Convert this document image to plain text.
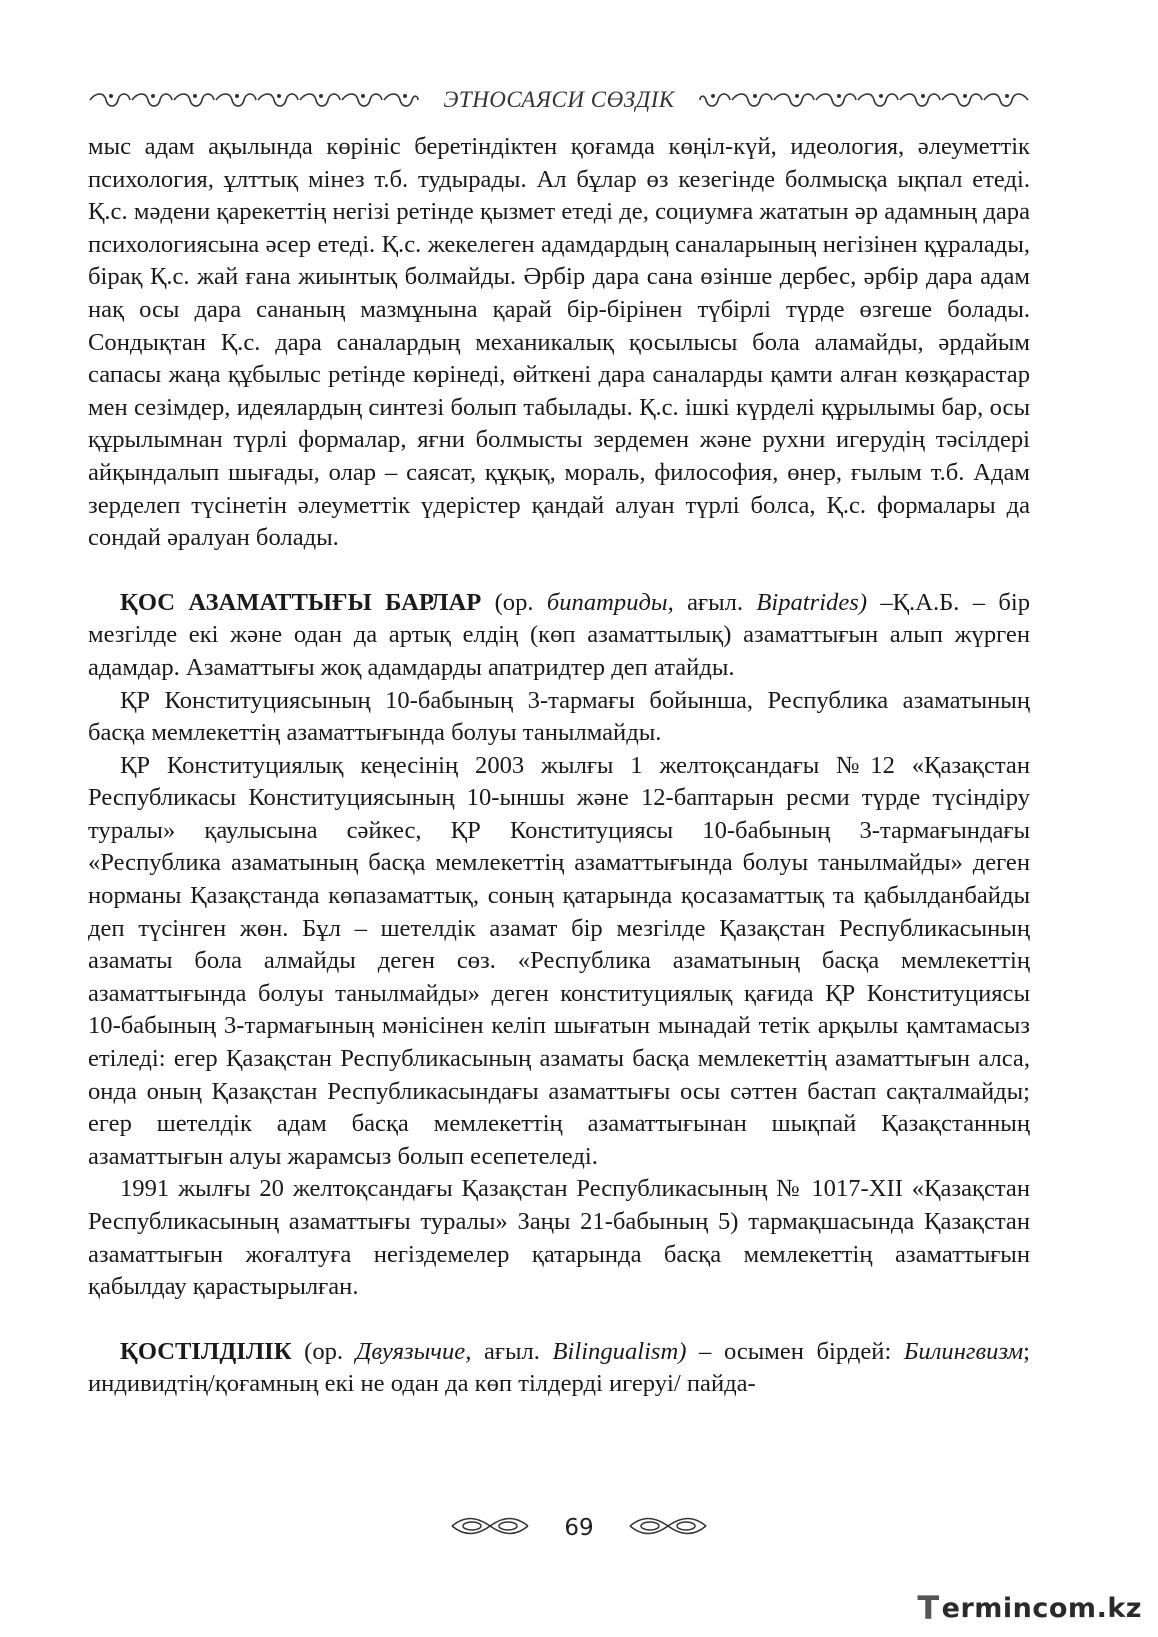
ЭТНОСАЯСИ СӨЗДІК

мыс адам ақылында көрініс беретіндіктен қоғамда көңіл-күй, идеология, әлеуметтік психология, ұлттық мінез т.б. тудырады. Ал бұлар өз кезегінде болмысқа ықпал етеді. Қ.с. мәдени қарекеттің негізі ретінде қызмет етеді де, социумға жататын әр адамның дара психологиясына әсер етеді. Қ.с. жекелеген адамдардың саналарының негізінен құралады, бірақ Қ.с. жай ғана жиынтық болмайды. Әрбір дара сана өзінше дербес, әрбір дара адам нақ осы дара сананың мазмұнына қарай бір-бірінен түбірлі түрде өзгеше болады. Сондықтан Қ.с. дара саналардың механикалық қосылысы бола аламайды, әрдайым сапасы жаңа құбылыс ретінде көрінеді, өйткені дара саналарды қамти алған көзқарастар мен сезімдер, идеялардың синтезі болып табылады. Қ.с. ішкі күрделі құрылымы бар, осы құрылымнан түрлі формалар, яғни болмысты зердемен және рухни игерудің тәсілдері айқындалып шығады, олар – саясат, құқық, мораль, философия, өнер, ғылым т.б. Адам зерделеп түсінетін әлеуметтік үдерістер қандай алуан түрлі болса, Қ.с. формалары да сондай әралуан болады.

ҚОС АЗАМАТТЫҒЫ БАРЛАР (ор. бипатриды, ағыл. Bipatrides) –Қ.А.Б. – бір мезгілде екі және одан да артық елдің (көп азаматтылық) азаматтығын алып жүрген адамдар. Азаматтығы жоқ адамдарды апатридтер деп атайды.

ҚР Конституциясының 10-бабының 3-тармағы бойынша, Республика азаматының басқа мемлекеттің азаматтығында болуы танылмайды.

ҚР Конституциялық кеңесінің 2003 жылғы 1 желтоқсандағы №12 «Қазақстан Республикасы Конституциясының 10-ыншы және 12-баптарын ресми түрде түсіндіру туралы» қаулысына сәйкес, ҚР Конституциясы 10-бабының 3-тармағындағы «Республика азаматының басқа мемлекеттің азаматтығында болуы танылмайды» деген норманы Қазақстанда көпазаматтық, соның қатарында қосазаматтық та қабылданбайды деп түсінген жөн. Бұл – шетелдік азамат бір мезгілде Қазақстан Республикасының азаматы бола алмайды деген сөз. «Республика азаматының басқа мемлекеттің азаматтығында болуы танылмайды» деген конституциялық қағида ҚР Конституциясы 10-бабының 3-тармағының мәнісінен келіп шығатын мынадай тетік арқылы қамтамасыз етіледі: егер Қазақстан Республикасының азаматы басқа мемлекеттің азаматтығын алса, онда оның Қазақстан Республикасындағы азаматтығы осы сәттен бастап сақталмайды; егер шетелдік адам басқа мемлекеттің азаматтығынан шықпай Қазақстанның азаматтығын алуы жарамсыз болып есепетеледі.

1991 жылғы 20 желтоқсандағы Қазақстан Республикасының № 1017-XII «Қазақстан Республикасының азаматтығы туралы» Заңы 21-бабының 5) тармақшасында Қазақстан азаматтығын жоғалтуға негіздемелер қатарында басқа мемлекеттің азаматтығын қабылдау қарастырылған.

ҚОСТІЛДІЛІК (ор. Двуязычие, ағыл. Bilingualism) – осымен бірдей: Билингвизм; индивидтің/қоғамның екі не одан да көп тілдерді игеруі/ пайда-

69
T ermincom.kz
